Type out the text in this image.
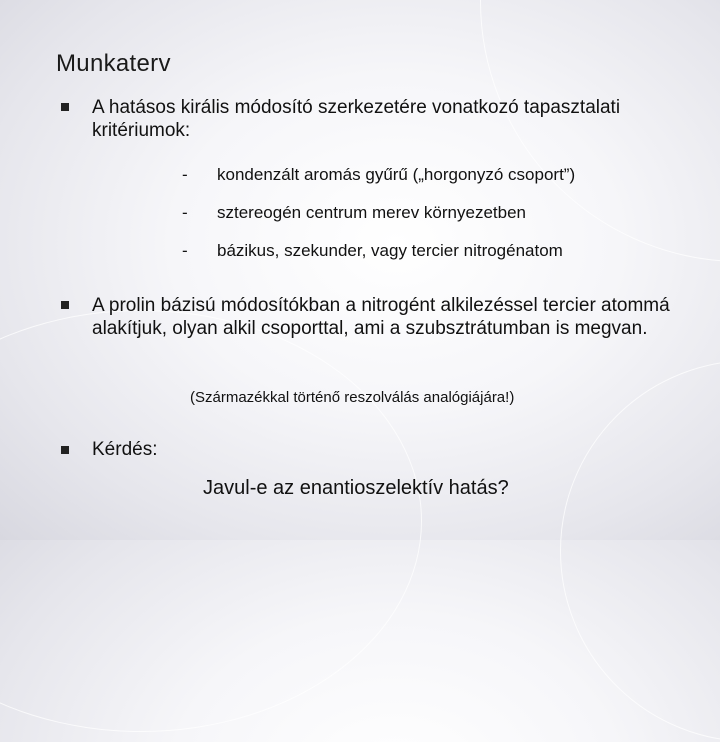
Munkaterv
A hatásos királis módosító szerkezetére vonatkozó tapasztalati kritériumok:
- kondenzált aromás gyűrű („horgonyzó csoport”)
- sztereogén centrum merev környezetben
- bázikus, szekunder, vagy tercier nitrogénatom
A prolin bázisú módosítókban a nitrogént alkilezéssel tercier atommá alakítjuk, olyan alkil csoporttal, ami a szubsztrátumban is megvan.
(Származékkal történő reszolválás analógiájára!)
Kérdés:
Javul-e az enantioszelektív hatás?
